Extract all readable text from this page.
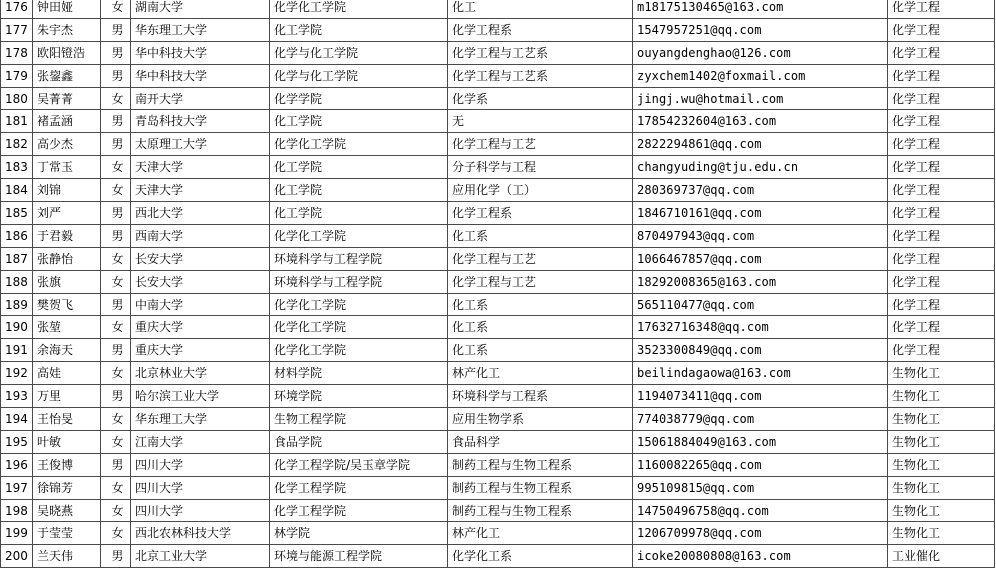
176	钟田娅	女	湖南大学	化学化工学院	化工	m18175130465@163.com	化学工程
177	朱宇杰	男	华东理工大学	化工学院	化学工程系	1547957251@qq.com	化学工程
178	欧阳镫浩	男	华中科技大学	化学与化工学院	化学工程与工艺系	ouyangdenghao@126.com	化学工程
179	张鋆鑫	男	华中科技大学	化学与化工学院	化学工程与工艺系	zyxchem1402@foxmail.com	化学工程
180	吴菁菁	女	南开大学	化学学院	化学系	jingj.wu@hotmail.com	化学工程
181	褚孟涵	男	青岛科技大学	化工学院	无	17854232604@163.com	化学工程
182	高少杰	男	太原理工大学	化学化工学院	化学工程与工艺	2822294861@qq.com	化学工程
183	丁常玉	女	天津大学	化工学院	分子科学与工程	changyuding@tju.edu.cn	化学工程
184	刘锦	女	天津大学	化工学院	应用化学（工）	280369737@qq.com	化学工程
185	刘严	男	西北大学	化工学院	化学工程系	1846710161@qq.com	化学工程
186	于君毅	男	西南大学	化学化工学院	化工系	870497943@qq.com	化学工程
187	张静怡	女	长安大学	环境科学与工程学院	化学工程与工艺	1066467857@qq.com	化学工程
188	张旗	女	长安大学	环境科学与工程学院	化学工程与工艺	18292008365@163.com	化学工程
189	樊贺飞	男	中南大学	化学化工学院	化工系	565110477@qq.com	化学工程
190	张堃	女	重庆大学	化学化工学院	化工系	17632716348@qq.com	化学工程
191	余海天	男	重庆大学	化学化工学院	化工系	3523300849@qq.com	化学工程
192	高娃	女	北京林业大学	材料学院	林产化工	beilindagaowa@163.com	生物化工
193	万里	男	哈尔滨工业大学	环境学院	环境科学与工程系	1194073411@qq.com	生物化工
194	王怡旻	女	华东理工大学	生物工程学院	应用生物学系	774038779@qq.com	生物化工
195	叶敏	女	江南大学	食品学院	食品科学	15061884049@163.com	生物化工
196	王俊博	男	四川大学	化学工程学院/吴玉章学院	制药工程与生物工程系	1160082265@qq.com	生物化工
197	徐锦芳	女	四川大学	化学工程学院	制药工程与生物工程系	995109815@qq.com	生物化工
198	吴晓燕	女	四川大学	化学工程学院	制药工程与生物工程系	14750496758@qq.com	生物化工
199	于莹莹	女	西北农林科技大学	林学院	林产化工	1206709978@qq.com	生物化工
200	兰天伟	男	北京工业大学	环境与能源工程学院	化学化工系	icoke20080808@163.com	工业催化
